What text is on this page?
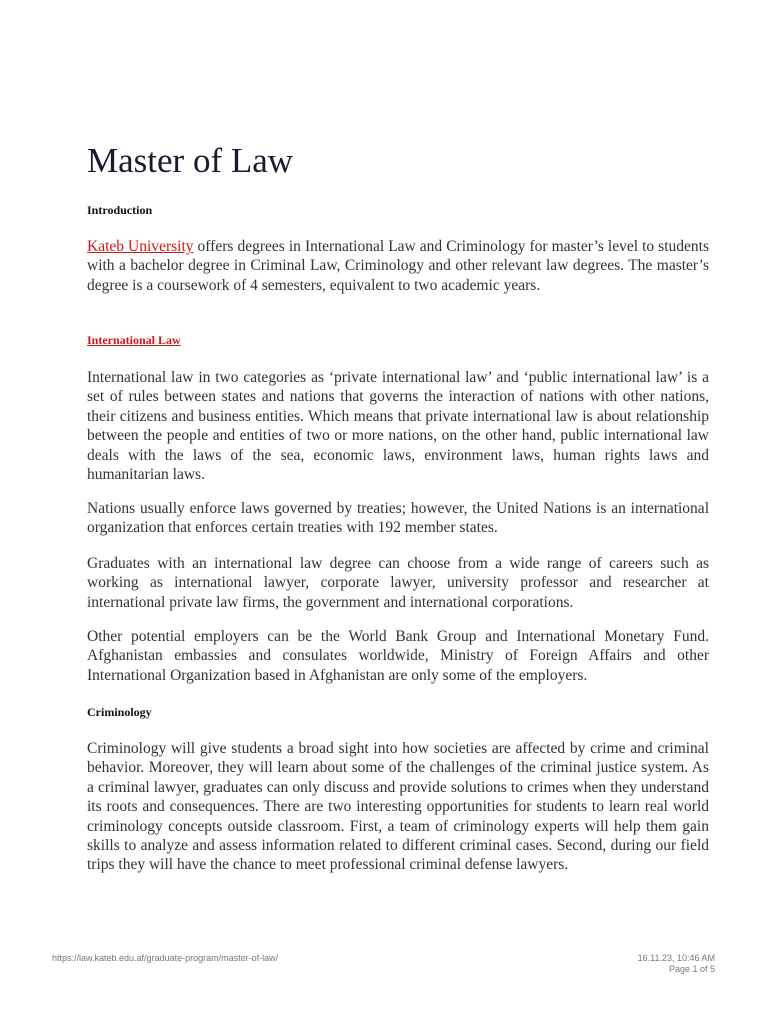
Master of Law
Introduction

Kateb University offers degrees in International Law and Criminology for master’s level to students with a bachelor degree in Criminal Law, Criminology and other relevant law degrees. The master’s degree is a coursework of 4 semesters, equivalent to two academic years.

International Law

International law in two categories as ‘private international law’ and ‘public international law’ is a set of rules between states and nations that governs the interaction of nations with other nations, their citizens and business entities. Which means that private international law is about relationship between the people and entities of two or more nations, on the other hand, public international law deals with the laws of the sea, economic laws, environment laws, human rights laws and humanitarian laws.

Nations usually enforce laws governed by treaties; however, the United Nations is an international organization that enforces certain treaties with 192 member states.

Graduates with an international law degree can choose from a wide range of careers such as working as international lawyer, corporate lawyer, university professor and researcher at international private law firms, the government and international corporations.

Other potential employers can be the World Bank Group and International Monetary Fund. Afghanistan embassies and consulates worldwide, Ministry of Foreign Affairs and other International Organization based in Afghanistan are only some of the employers.

Criminology

Criminology will give students a broad sight into how societies are affected by crime and criminal behavior. Moreover, they will learn about some of the challenges of the criminal justice system. As a criminal lawyer, graduates can only discuss and provide solutions to crimes when they understand its roots and consequences. There are two interesting opportunities for students to learn real world criminology concepts outside classroom. First, a team of criminology experts will help them gain skills to analyze and assess information related to different criminal cases. Second, during our field trips they will have the chance to meet professional criminal defense lawyers.

https://law.kateb.edu.af/graduate-program/master-of-law/	16.11.23, 10:46 AM
Page 1 of 5
